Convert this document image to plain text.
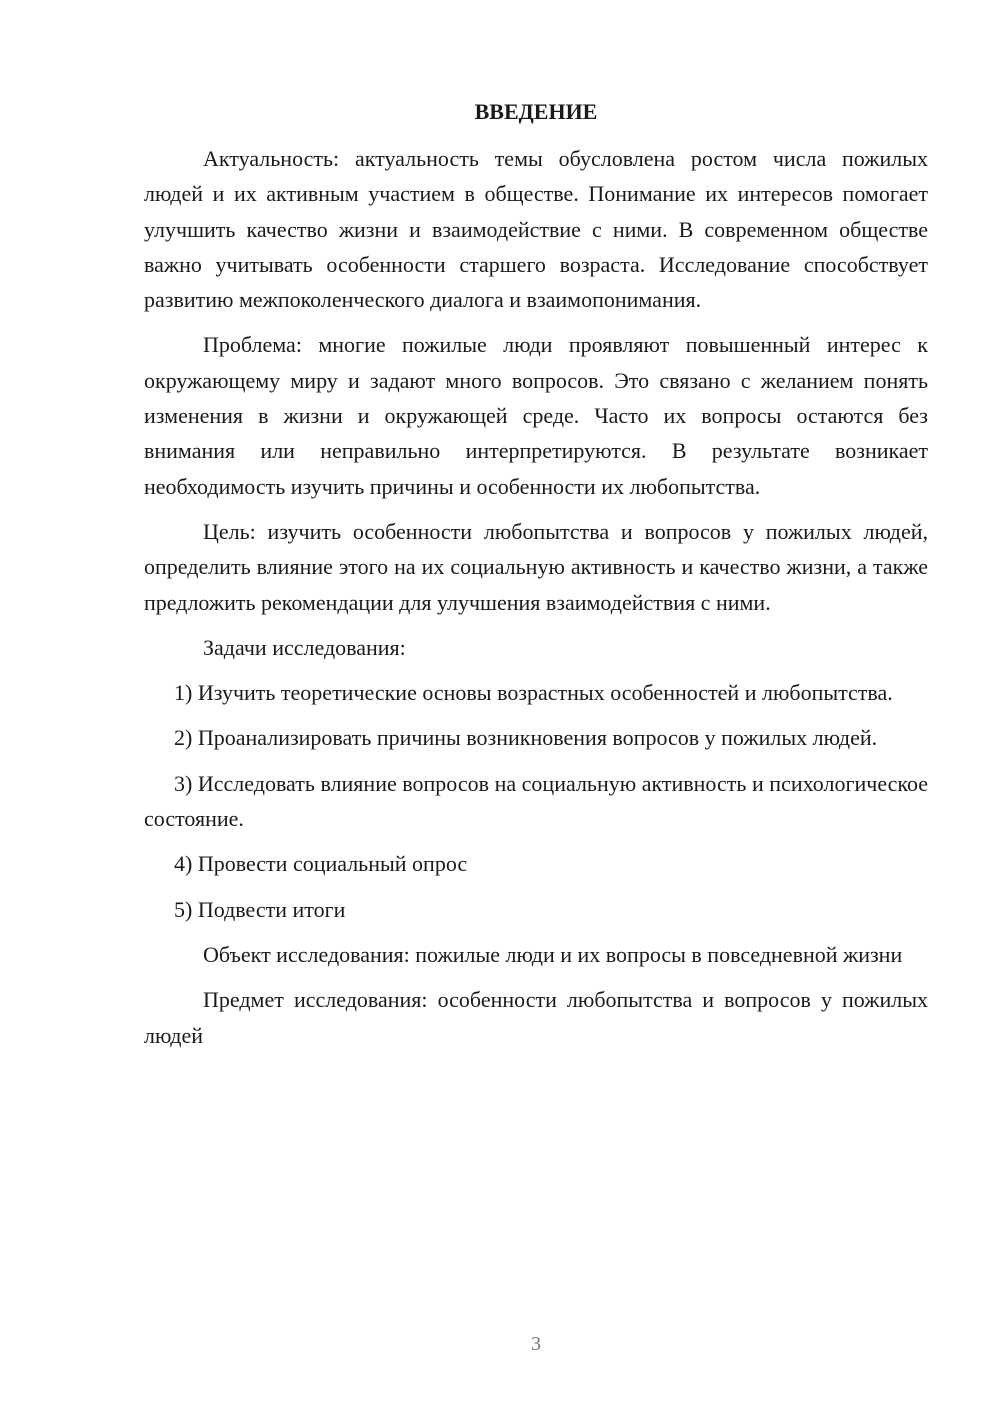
ВВЕДЕНИЕ

Актуальность: актуальность темы обусловлена ростом числа пожилых людей и их активным участием в обществе. Понимание их интересов помогает улучшить качество жизни и взаимодействие с ними. В современном обществе важно учитывать особенности старшего возраста. Исследование способствует развитию межпоколенческого диалога и взаимопонимания.

Проблема: многие пожилые люди проявляют повышенный интерес к окружающему миру и задают много вопросов. Это связано с желанием понять изменения в жизни и окружающей среде. Часто их вопросы остаются без внимания или неправильно интерпретируются. В результате возникает необходимость изучить причины и особенности их любопытства.

Цель: изучить особенности любопытства и вопросов у пожилых людей, определить влияние этого на их социальную активность и качество жизни, а также предложить рекомендации для улучшения взаимодействия с ними.

Задачи исследования:

1) Изучить теоретические основы возрастных особенностей и любопытства.

2) Проанализировать причины возникновения вопросов у пожилых людей.

3) Исследовать влияние вопросов на социальную активность и психологическое состояние.

4) Провести социальный опрос

5) Подвести итоги

Объект исследования: пожилые люди и их вопросы в повседневной жизни

Предмет исследования: особенности любопытства и вопросов у пожилых людей

3
